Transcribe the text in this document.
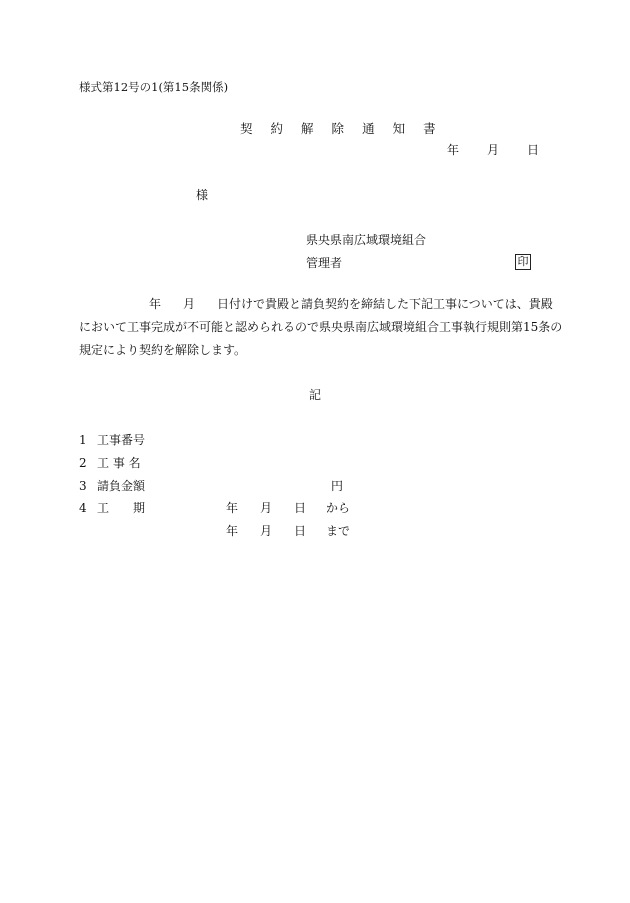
様式第12号の1(第15条関係)
契 約 解 除 通 知 書
年 月 日
様
県央県南広域環境組合
管理者	印
年 月 日付けで貴殿と請負契約を締結した下記工事については、貴殿
において工事完成が不可能と認められるので県央県南広域環境組合工事執行規則第15条の
規定により契約を解除します。
記
1 工事番号
2 工 事 名
3 請負金額	円
4 工　　期	年 月 日 から
年 月 日 まで
